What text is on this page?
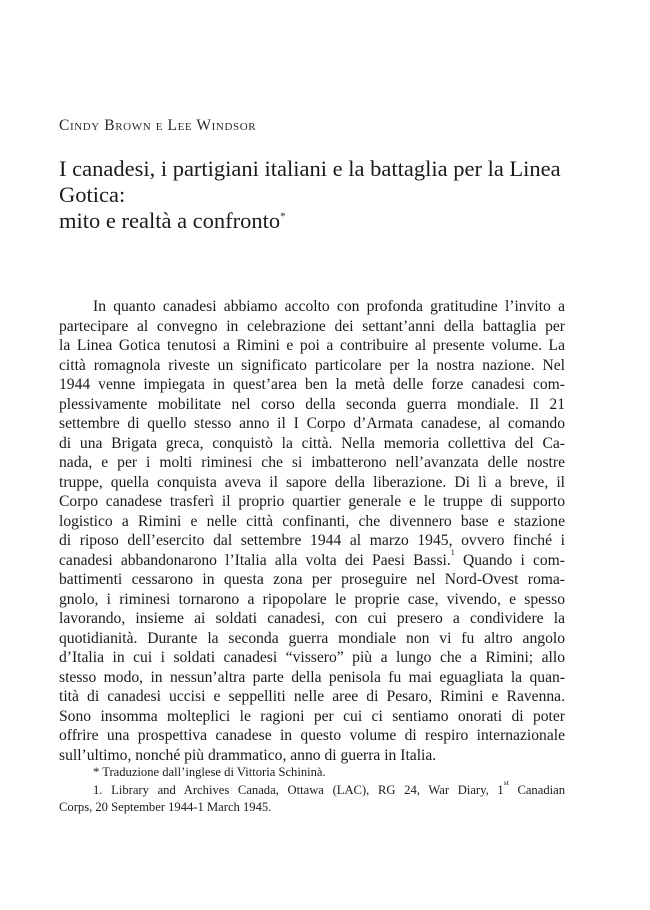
Cindy Brown e Lee Windsor
I canadesi, i partigiani italiani e la battaglia per la Linea Gotica:
mito e realtà a confronto*
In quanto canadesi abbiamo accolto con profonda gratitudine l’invito a
partecipare al convegno in celebrazione dei settant’anni della battaglia per
la Linea Gotica tenutosi a Rimini e poi a contribuire al presente volume. La
città romagnola riveste un significato particolare per la nostra nazione. Nel
1944 venne impiegata in quest’area ben la metà delle forze canadesi com-
plessivamente mobilitate nel corso della seconda guerra mondiale. Il 21
settembre di quello stesso anno il I Corpo d’Armata canadese, al comando
di una Brigata greca, conquistò la città. Nella memoria collettiva del Ca-
nada, e per i molti riminesi che si imbatterono nell’avanzata delle nostre
truppe, quella conquista aveva il sapore della liberazione. Di lì a breve, il
Corpo canadese trasferì il proprio quartier generale e le truppe di supporto
logistico a Rimini e nelle città confinanti, che divennero base e stazione
di riposo dell’esercito dal settembre 1944 al marzo 1945, ovvero finché i
canadesi abbandonarono l’Italia alla volta dei Paesi Bassi.$^1$ Quando i com-
battimenti cessarono in questa zona per proseguire nel Nord-Ovest roma-
gnolo, i riminesi tornarono a ripopolare le proprie case, vivendo, e spesso
lavorando, insieme ai soldati canadesi, con cui presero a condividere la
quotidianità. Durante la seconda guerra mondiale non vi fu altro angolo
d’Italia in cui i soldati canadesi “vissero” più a lungo che a Rimini; allo
stesso modo, in nessun’altra parte della penisola fu mai eguagliata la quan-
tità di canadesi uccisi e seppelliti nelle aree di Pesaro, Rimini e Ravenna.
Sono insomma molteplici le ragioni per cui ci sentiamo onorati di poter
offrire una prospettiva canadese in questo volume di respiro internazionale
sull’ultimo, nonché più drammatico, anno di guerra in Italia.
* Traduzione dall’inglese di Vittoria Schininà.
1. Library and Archives Canada, Ottawa (LAC), RG 24, War Diary, 1st Canadian
Corps, 20 September 1944-1 March 1945.
